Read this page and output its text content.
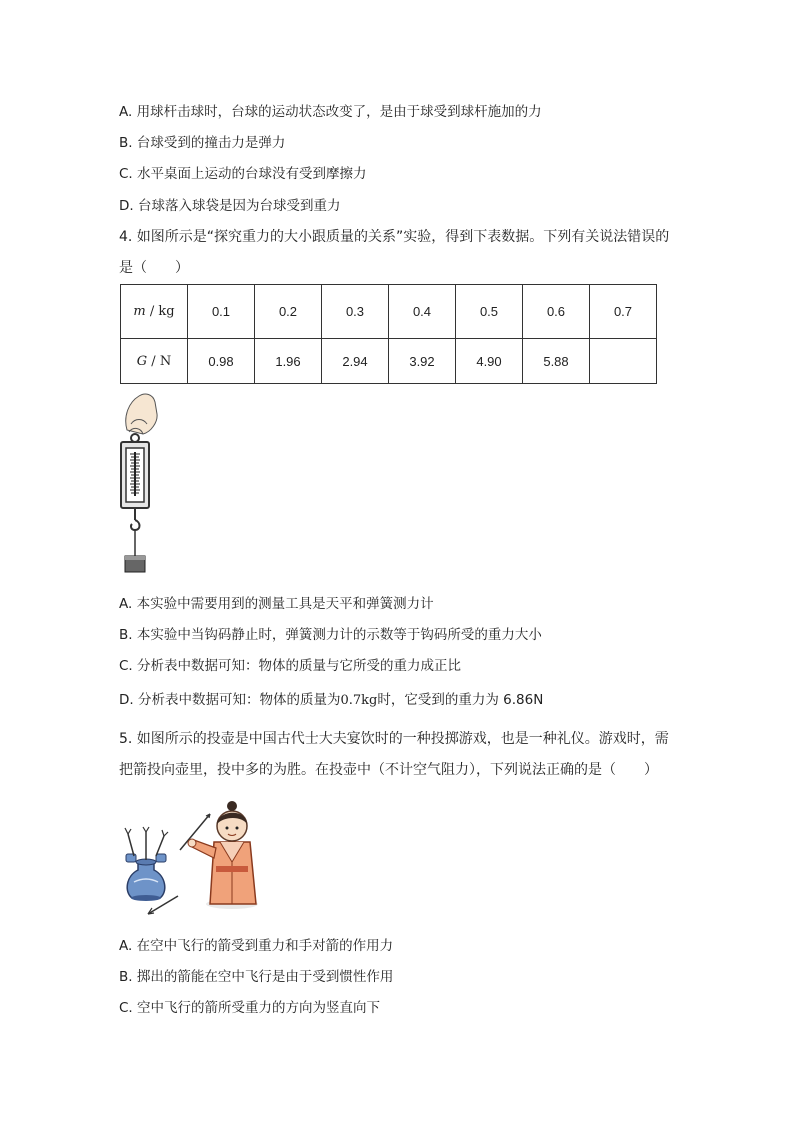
A. 用球杆击球时，台球的运动状态改变了，是由于球受到球杆施加的力
B. 台球受到的撞击力是弹力
C. 水平桌面上运动的台球没有受到摩擦力
D. 台球落入球袋是因为台球受到重力
4. 如图所示是“探究重力的大小跟质量的关系”实验，得到下表数据。下列有关说法错误的
是（　　）
m / kg	0.1	0.2	0.3	0.4	0.5	0.6	0.7
G / N	0.98	1.96	2.94	3.92	4.90	5.88	
A. 本实验中需要用到的测量工具是天平和弹簧测力计
B. 本实验中当钩码静止时，弹簧测力计的示数等于钩码所受的重力大小
C. 分析表中数据可知：物体的质量与它所受的重力成正比
D. 分析表中数据可知：物体的质量为0.7kg时，它受到的重力为 6.86N
5. 如图所示的投壶是中国古代士大夫宴饮时的一种投掷游戏，也是一种礼仪。游戏时，需
把箭投向壶里，投中多的为胜。在投壶中（不计空气阻力），下列说法正确的是（　　）
A. 在空中飞行的箭受到重力和手对箭的作用力
B. 掷出的箭能在空中飞行是由于受到惯性作用
C. 空中飞行的箭所受重力的方向为竖直向下
